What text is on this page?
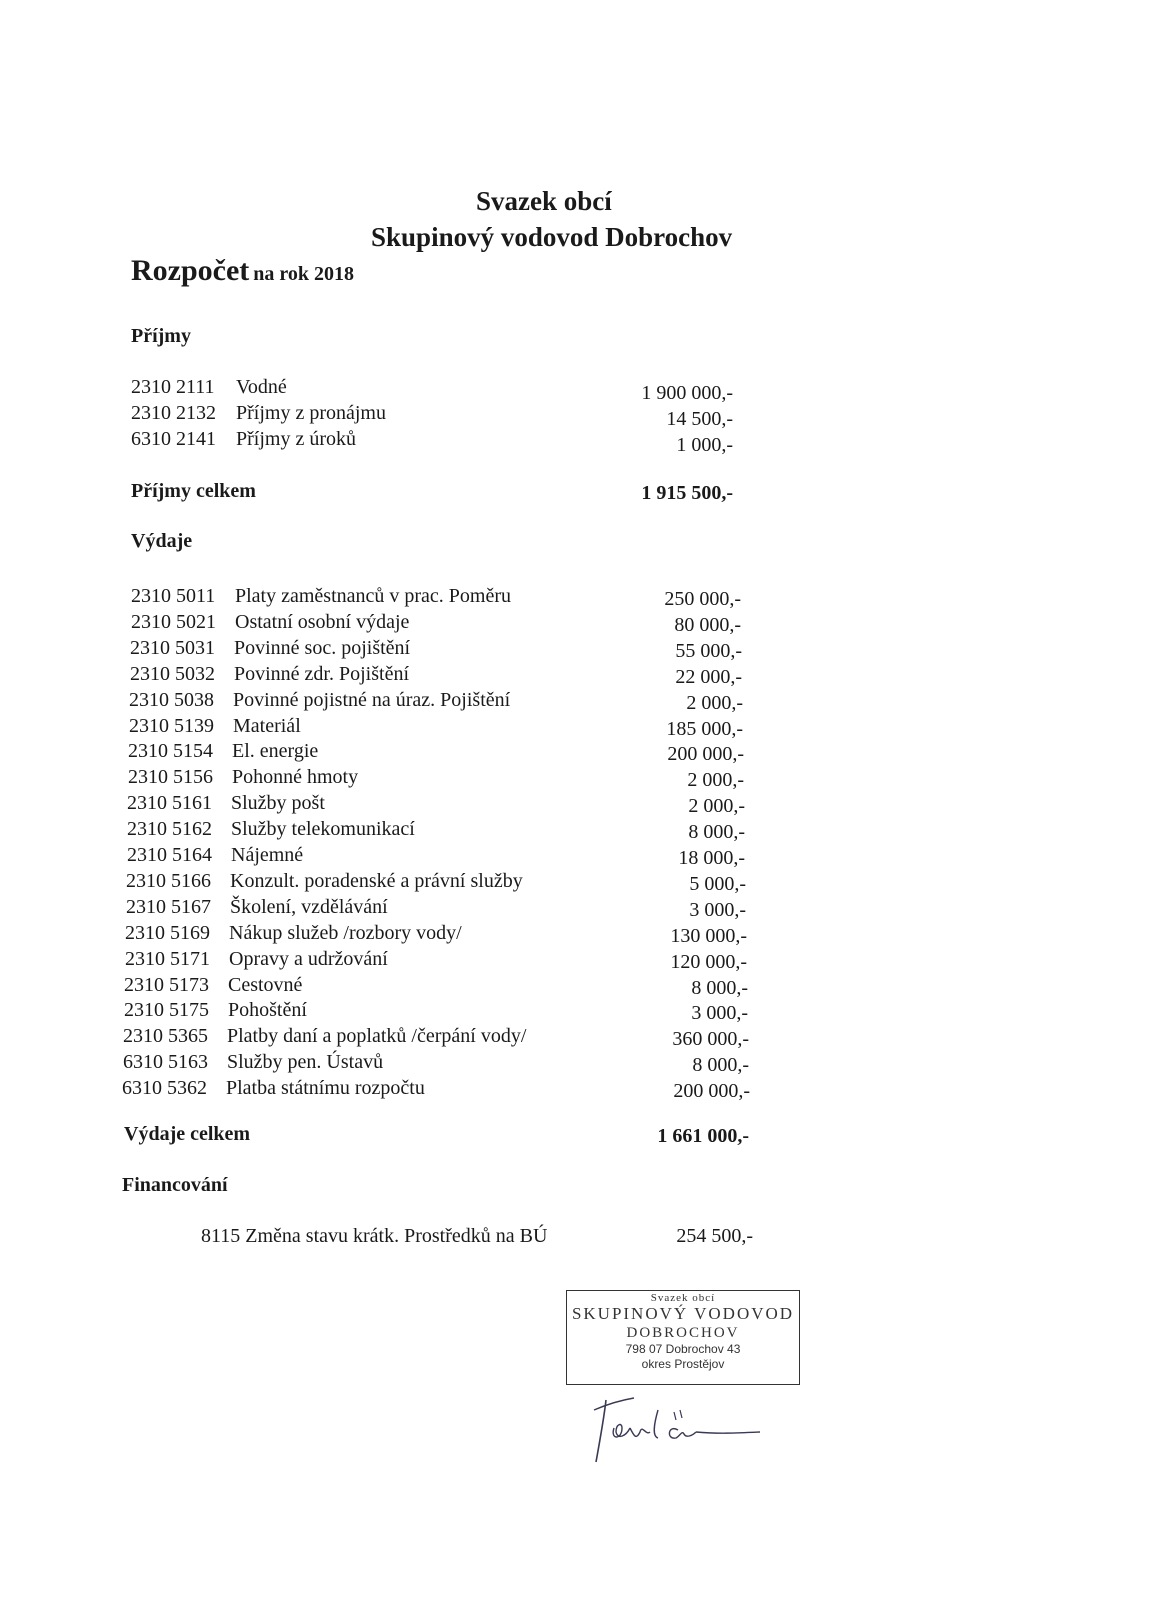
Svazek obcí
Skupinový vodovod Dobrochov
Rozpočet na rok 2018
Příjmy
2310 2111 Vodné	1 900 000,-
2310 2132 Příjmy z pronájmu	14 500,-
6310 2141 Příjmy z úroků	1 000,-
Příjmy celkem	1 915 500,-
Výdaje
2310 5011 Platy zaměstnanců v prac. Poměru	250 000,-
2310 5021 Ostatní osobní výdaje	80 000,-
2310 5031 Povinné soc. pojištění	55 000,-
2310 5032 Povinné zdr. Pojištění	22 000,-
2310 5038 Povinné pojistné na úraz. Pojištění	2 000,-
2310 5139 Materiál	185 000,-
2310 5154 El. energie	200 000,-
2310 5156 Pohonné hmoty	2 000,-
2310 5161 Služby pošt	2 000,-
2310 5162 Služby telekomunikací	8 000,-
2310 5164 Nájemné	18 000,-
2310 5166 Konzult. poradenské a právní služby	5 000,-
2310 5167 Školení, vzdělávání	3 000,-
2310 5169 Nákup služeb /rozbory vody/	130 000,-
2310 5171 Opravy a udržování	120 000,-
2310 5173 Cestovné	8 000,-
2310 5175 Pohoštění	3 000,-
2310 5365 Platby daní a poplatků /čerpání vody/	360 000,-
6310 5163 Služby pen. Ústavů	8 000,-
6310 5362 Platba státnímu rozpočtu	200 000,-
Výdaje celkem	1 661 000,-
Financování
8115 Změna stavu krátk. Prostředků na BÚ	254 500,-
Svazek obcí
SKUPINOVÝ VODOVOD
DOBROCHOV
798 07 Dobrochov 43
okres Prostějov
